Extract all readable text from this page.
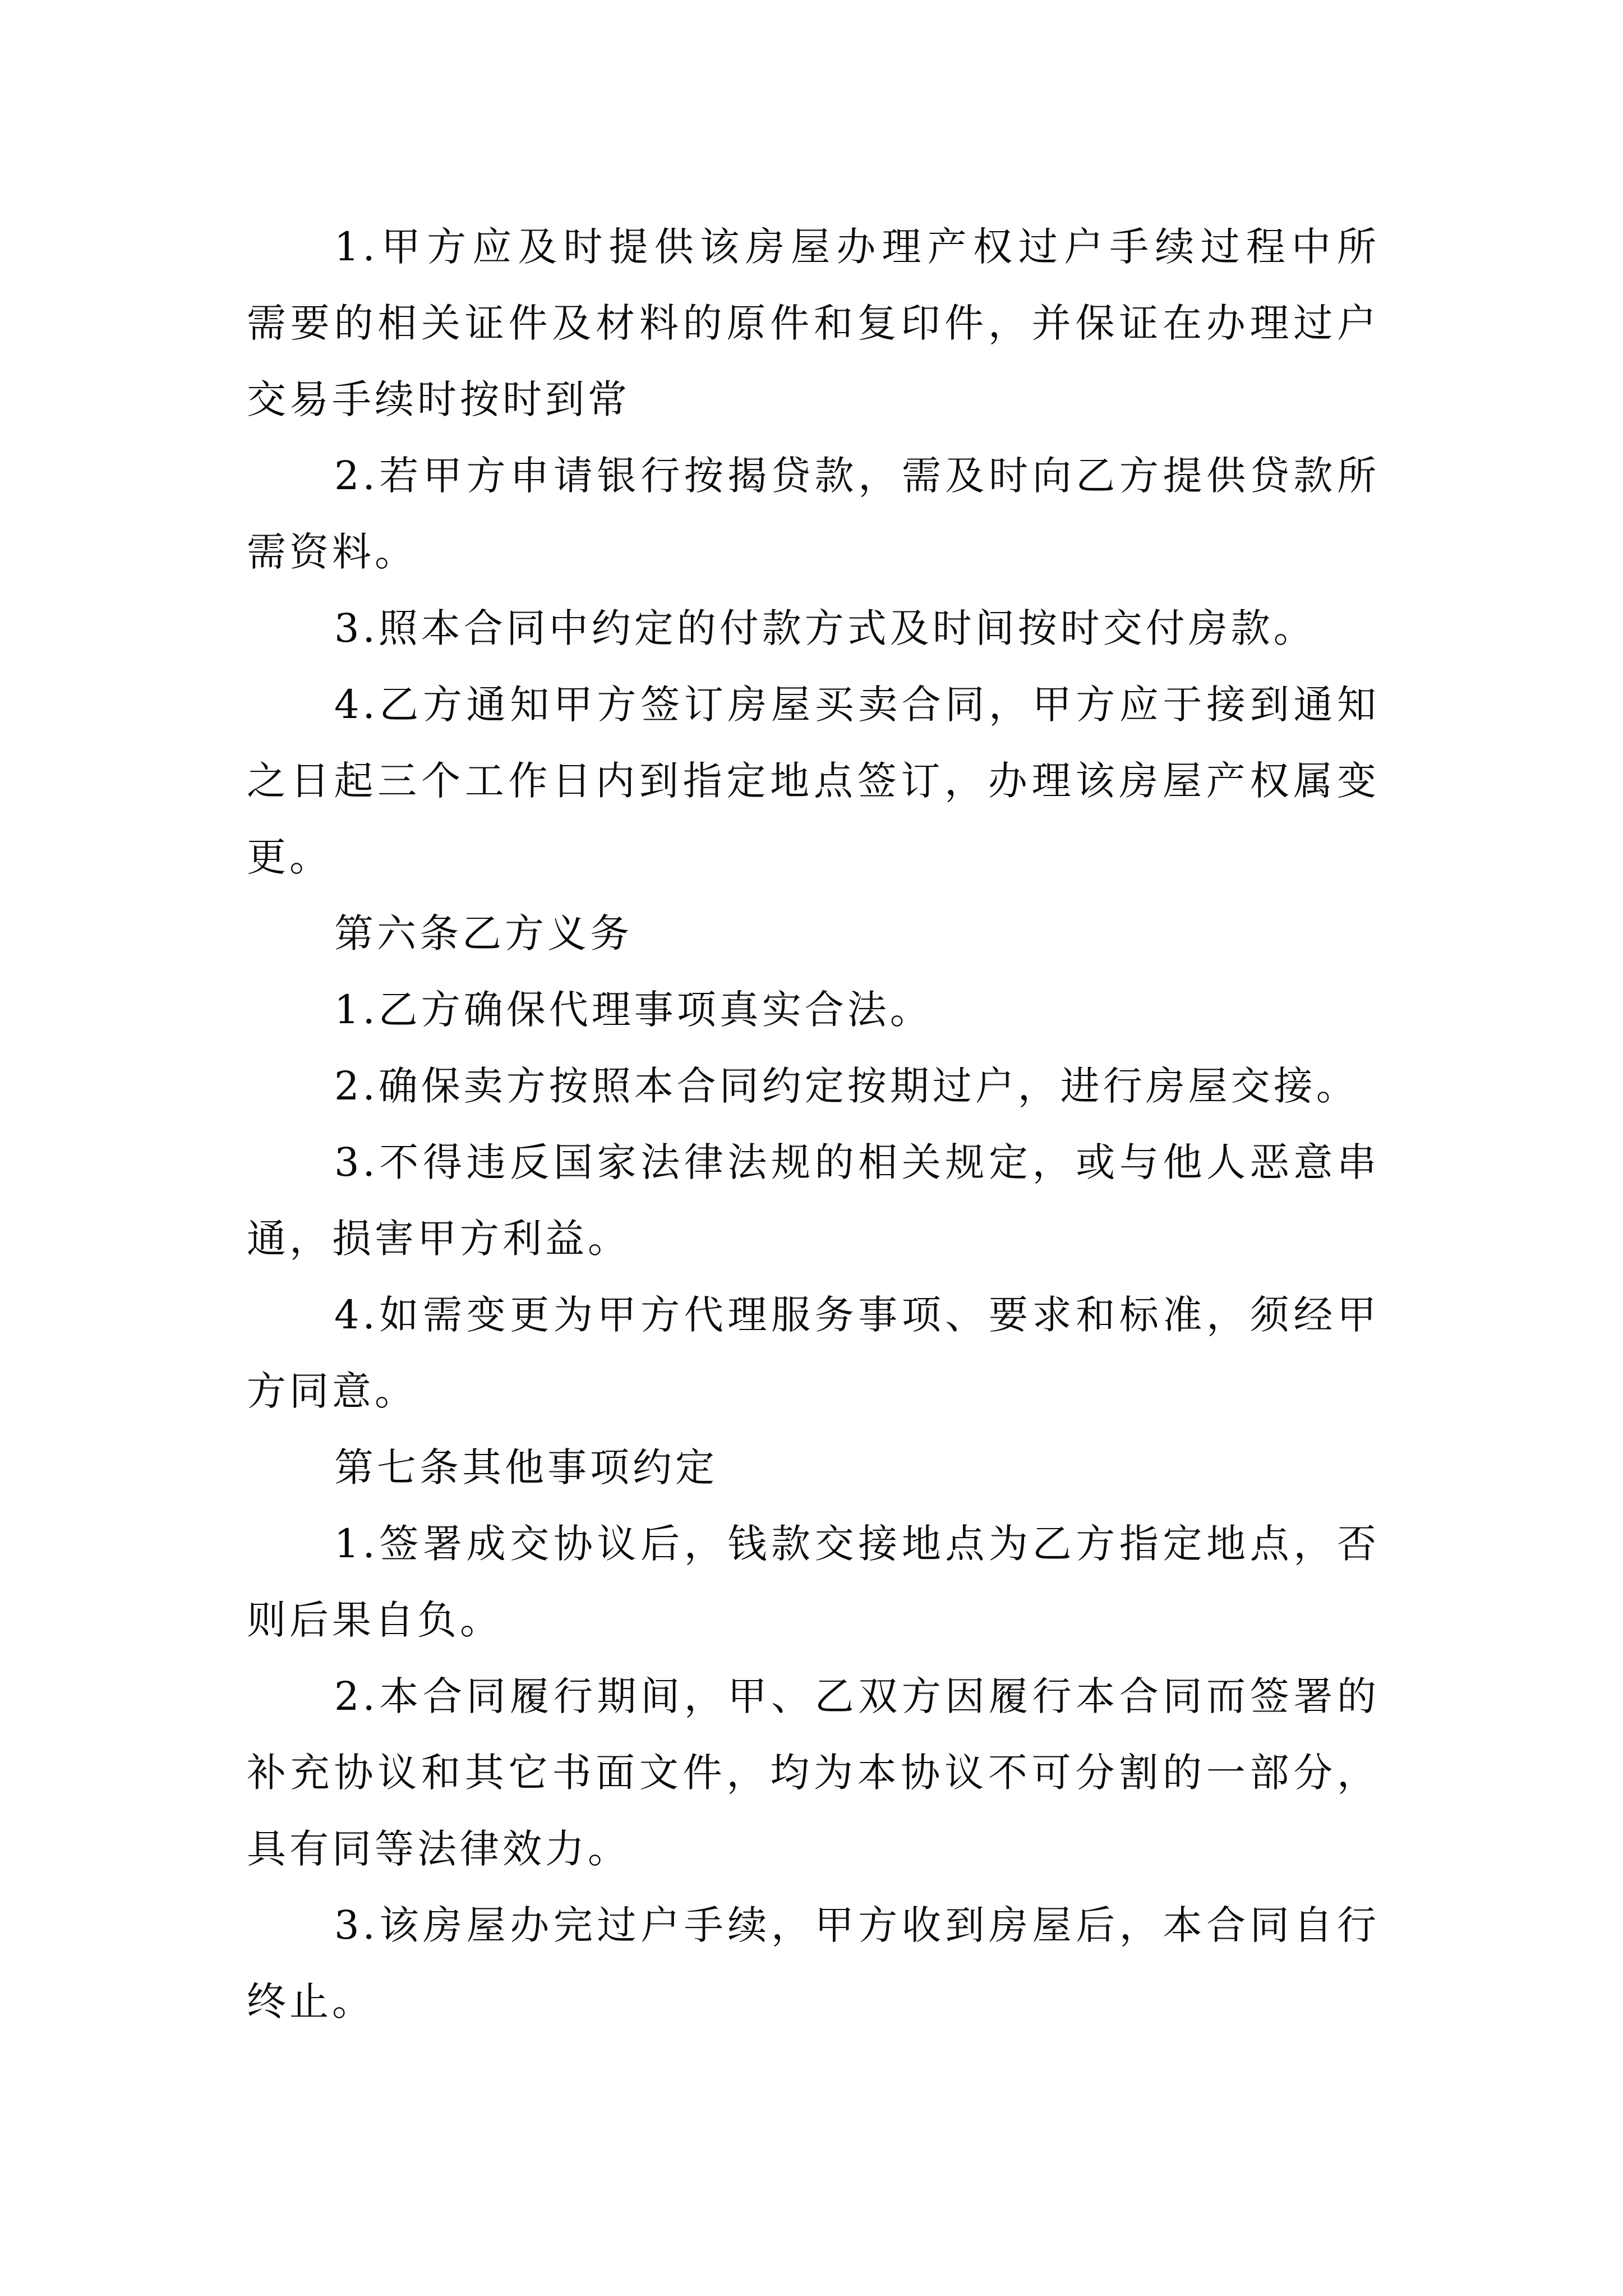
1.甲方应及时提供该房屋办理产权过户手续过程中所
需要的相关证件及材料的原件和复印件，并保证在办理过户
交易手续时按时到常
2.若甲方申请银行按揭贷款，需及时向乙方提供贷款所
需资料。
3.照本合同中约定的付款方式及时间按时交付房款。
4.乙方通知甲方签订房屋买卖合同，甲方应于接到通知
之日起三个工作日内到指定地点签订，办理该房屋产权属变
更。
第六条乙方义务
1.乙方确保代理事项真实合法。
2.确保卖方按照本合同约定按期过户，进行房屋交接。
3.不得违反国家法律法规的相关规定，或与他人恶意串
通，损害甲方利益。
4.如需变更为甲方代理服务事项、要求和标准，须经甲
方同意。
第七条其他事项约定
1.签署成交协议后，钱款交接地点为乙方指定地点，否
则后果自负。
2.本合同履行期间，甲、乙双方因履行本合同而签署的
补充协议和其它书面文件，均为本协议不可分割的一部分，
具有同等法律效力。
3.该房屋办完过户手续，甲方收到房屋后，本合同自行
终止。
